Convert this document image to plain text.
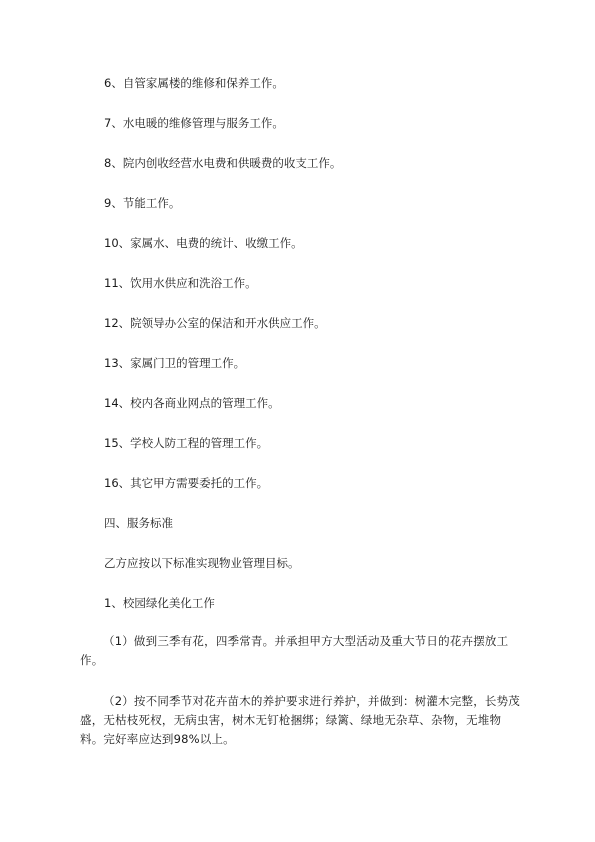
6、自管家属楼的维修和保养工作。
7、水电暖的维修管理与服务工作。
8、院内创收经营水电费和供暖费的收支工作。
9、节能工作。
10、家属水、电费的统计、收缴工作。
11、饮用水供应和洗浴工作。
12、院领导办公室的保洁和开水供应工作。
13、家属门卫的管理工作。
14、校内各商业网点的管理工作。
15、学校人防工程的管理工作。
16、其它甲方需要委托的工作。
四、服务标准
乙方应按以下标准实现物业管理目标。
1、校园绿化美化工作
（1）做到三季有花，四季常青。并承担甲方大型活动及重大节日的花卉摆放工作。
（2）按不同季节对花卉苗木的养护要求进行养护，并做到：树灌木完整，长势茂盛，无枯枝死杈，无病虫害，树木无钉枪捆绑；绿篱、绿地无杂草、杂物，无堆物料。完好率应达到98%以上。
